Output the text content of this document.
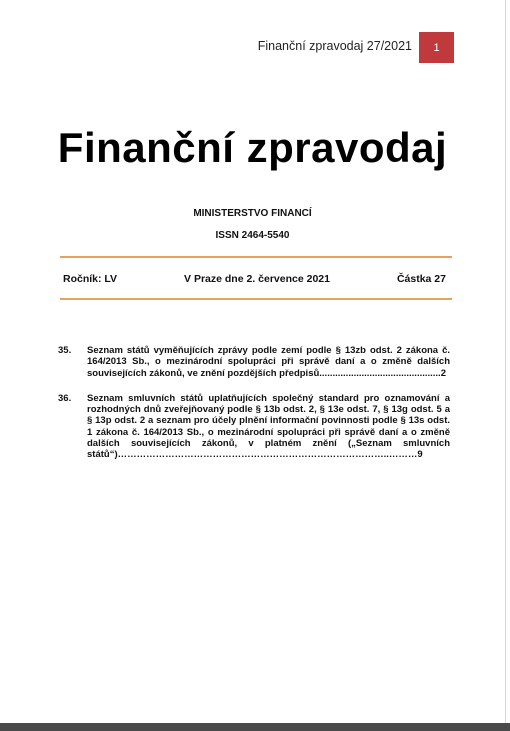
Finanční zpravodaj 27/2021	1
Finanční zpravodaj
MINISTERSTVO FINANCÍ
ISSN 2464-5540
Ročník: LV	V Praze dne 2. července 2021	Částka 27
35.	Seznam států vyměňujících zprávy podle zemí podle § 13zb odst. 2 zákona č. 164/2013 Sb., o mezinárodní spolupráci při správě daní a o změně dalších souvisejících zákonů, ve znění pozdějších předpisů..............................................2
36.	Seznam smluvních států uplatňujících společný standard pro oznamování a rozhodných dnů zveřejňovaný podle § 13b odst. 2, § 13e odst. 7, § 13g odst. 5 a § 13p odst. 2 a seznam pro účely plnění informační povinnosti podle § 13s odst. 1 zákona č. 164/2013 Sb., o mezinárodní spolupráci při správě daní a o změně dalších souvisejících zákonů, v platném znění („Seznam smluvních států“)…………………………………………………………………………..………9
